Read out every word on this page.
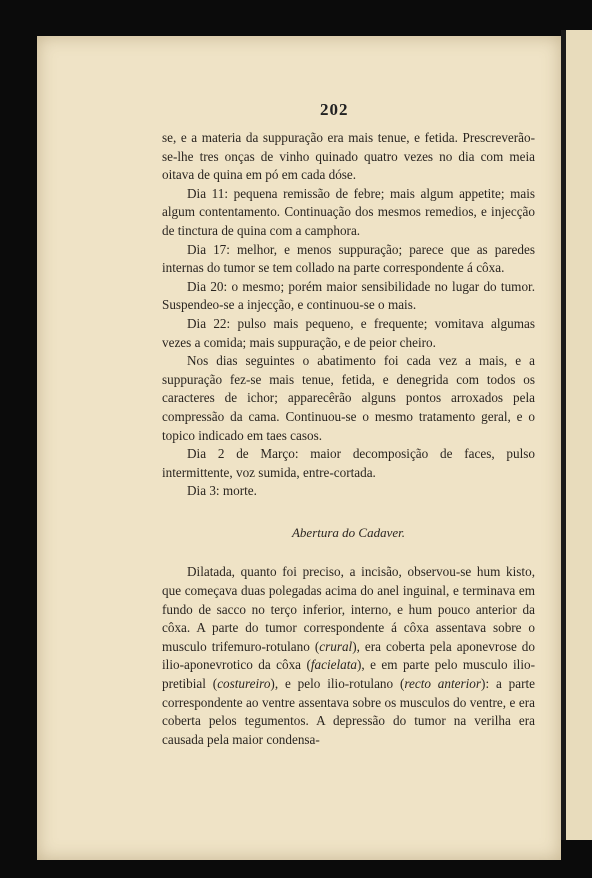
202

se, e a materia da suppuração era mais tenue, e fetida. Prescreverão-se-lhe tres onças de vinho quinado quatro vezes no dia com meia oitava de quina em pó em cada dóse.

Dia 11: pequena remissão de febre; mais algum appetite; mais algum contentamento. Continuação dos mesmos remedios, e injecção de tinctura de quina com a camphora.

Dia 17: melhor, e menos suppuração; parece que as paredes internas do tumor se tem collado na parte correspondente á côxa.

Dia 20: o mesmo; porém maior sensibilidade no lugar do tumor. Suspendeo-se a injecção, e continuou-se o mais.

Dia 22: pulso mais pequeno, e frequente; vomitava algumas vezes a comida; mais suppuração, e de peior cheiro.

Nos dias seguintes o abatimento foi cada vez a mais, e a suppuração fez-se mais tenue, fetida, e denegrida com todos os caracteres de ichor; apparecêrão alguns pontos arroxados pela compressão da cama. Continuou-se o mesmo tratamento geral, e o topico indicado em taes casos.

Dia 2 de Março: maior decomposição de faces, pulso intermittente, voz sumida, entre-cortada.

Dia 3: morte.

Abertura do Cadaver.

Dilatada, quanto foi preciso, a incisão, observou-se hum kisto, que começava duas polegadas acima do anel inguinal, e terminava em fundo de sacco no terço inferior, interno, e hum pouco anterior da côxa. A parte do tumor correspondente á côxa assentava sobre o musculo trifemuro-rotulano (crural), era coberta pela aponevrose do ilio-aponevrotico da côxa (facielata), e em parte pelo musculo ilio-pretibial (costureiro), e pelo ilio-rotulano (recto anterior): a parte correspondente ao ventre assentava sobre os musculos do ventre, e era coberta pelos tegumentos. A depressão do tumor na verilha era causada pela maior condensa-
